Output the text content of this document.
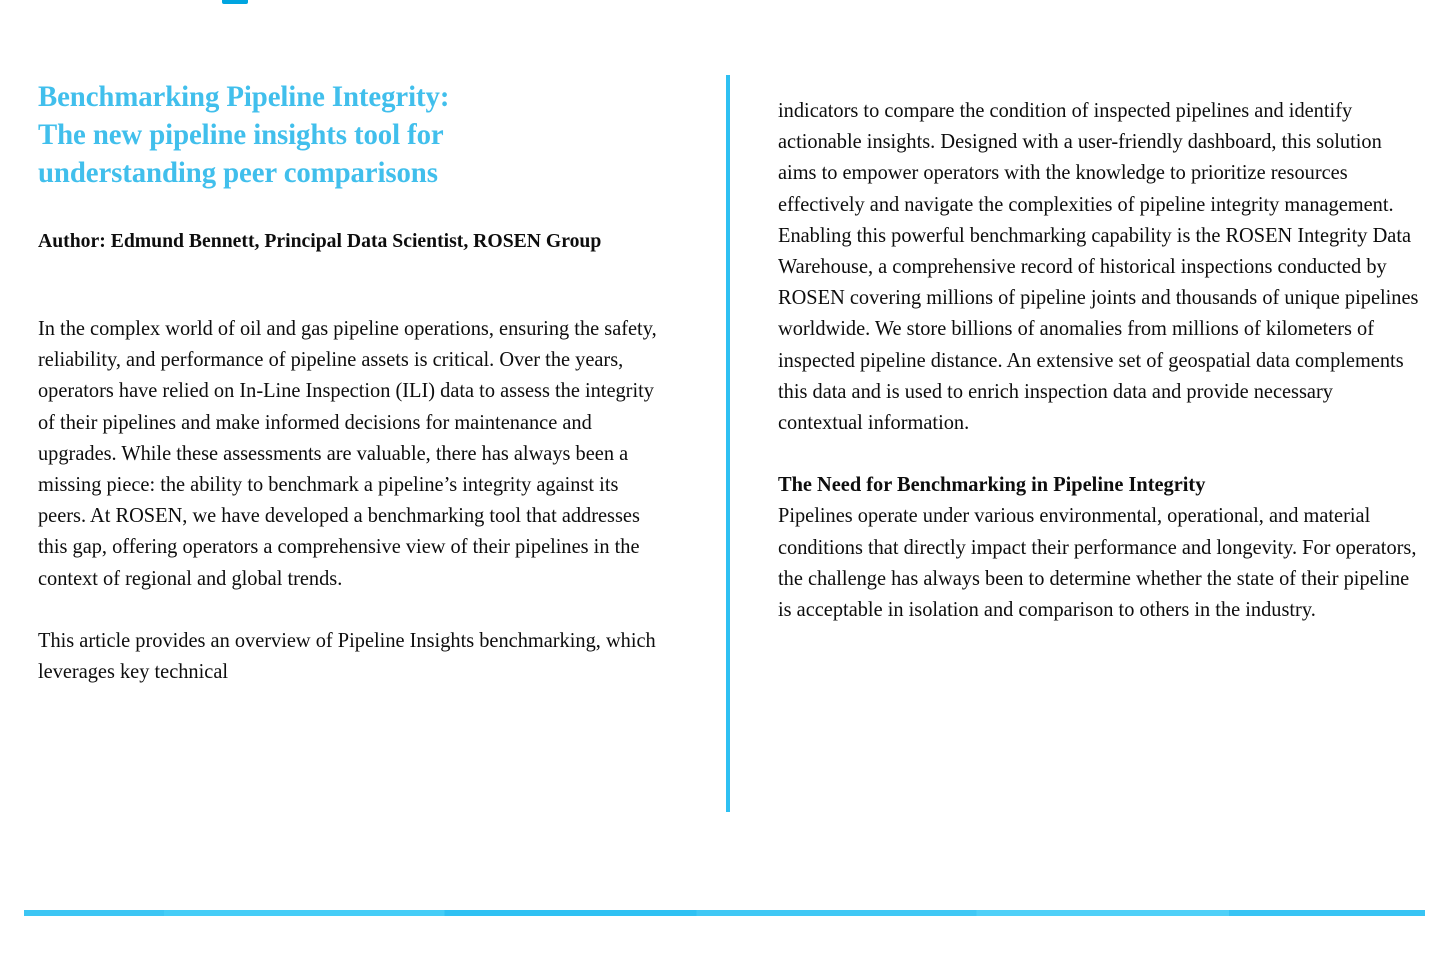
Benchmarking Pipeline Integrity:
The new pipeline insights tool for
understanding peer comparisons

Author: Edmund Bennett, Principal Data Scientist, ROSEN Group

In the complex world of oil and gas pipeline operations, ensuring the safety, reliability, and performance of pipeline assets is critical. Over the years, operators have relied on In-Line Inspection (ILI) data to assess the integrity of their pipelines and make informed decisions for maintenance and upgrades. While these assessments are valuable, there has always been a missing piece: the ability to benchmark a pipeline’s integrity against its peers. At ROSEN, we have developed a benchmarking tool that addresses this gap, offering operators a comprehensive view of their pipelines in the context of regional and global trends.

This article provides an overview of Pipeline Insights benchmarking, which leverages key technical

indicators to compare the condition of inspected pipelines and identify actionable insights. Designed with a user-friendly dashboard, this solution aims to empower operators with the knowledge to prioritize resources effectively and navigate the complexities of pipeline integrity management. Enabling this powerful benchmarking capability is the ROSEN Integrity Data Warehouse, a comprehensive record of historical inspections conducted by ROSEN covering millions of pipeline joints and thousands of unique pipelines worldwide. We store billions of anomalies from millions of kilometers of inspected pipeline distance. An extensive set of geospatial data complements this data and is used to enrich inspection data and provide necessary contextual information.

The Need for Benchmarking in Pipeline Integrity
Pipelines operate under various environmental, operational, and material conditions that directly impact their performance and longevity. For operators, the challenge has always been to determine whether the state of their pipeline is acceptable in isolation and comparison to others in the industry.
